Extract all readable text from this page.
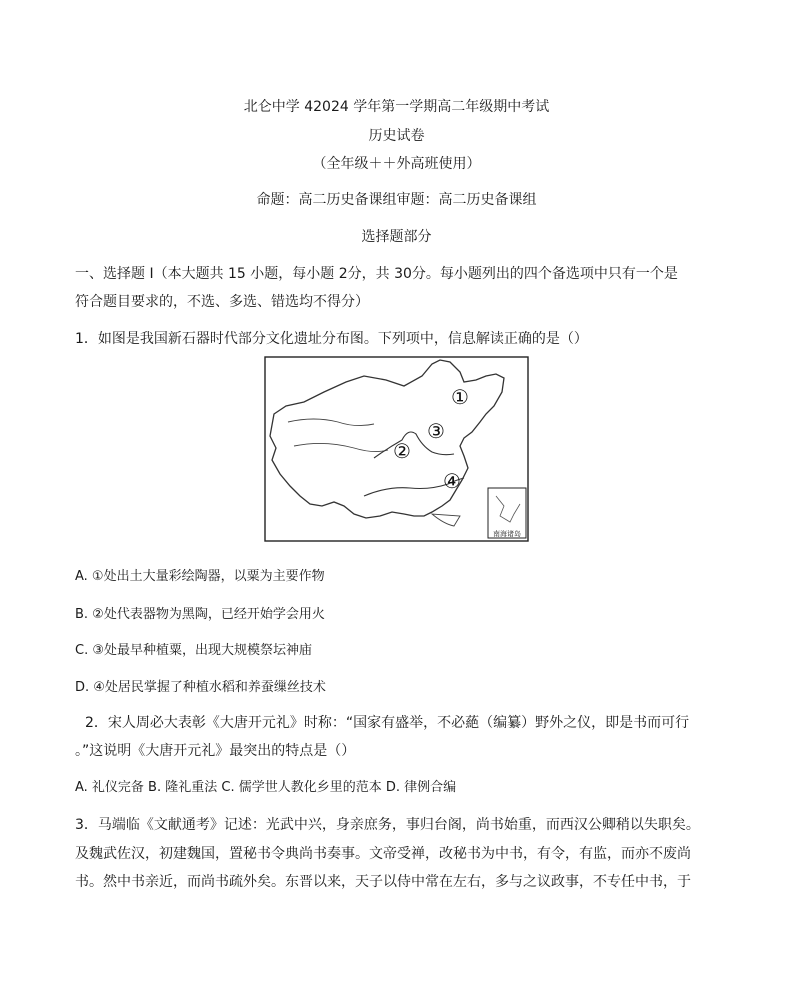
北仑中学 42024 学年第一学期高二年级期中考试
历史试卷
（全年级＋＋外高班使用）
命题：高二历史备课组审题：高二历史备课组
选择题部分
一、选择题 I（本大题共 15 小题，每小题 2分，共 30分。每小题列出的四个备选项中只有一个是
符合题目要求的，不选、多选、错选均不得分）
1．如图是我国新石器时代部分文化遗址分布图。下列项中，信息解读正确的是（）
①
②
③
④
南海诸岛
A. ①处出土大量彩绘陶器，以粟为主要作物
B. ②处代表器物为黑陶，已经开始学会用火
C. ③处最早种植粟，出现大规模祭坛神庙
D. ④处居民掌握了种植水稻和养蚕缫丝技术
2．宋人周必大表彰《大唐开元礼》时称：“国家有盛举，不必蕝（编纂）野外之仪，即是书而可行
。”这说明《大唐开元礼》最突出的特点是（）
A. 礼仪完备 B. 隆礼重法 C. 儒学世人教化乡里的范本 D. 律例合编
3．马端临《文献通考》记述：光武中兴，身亲庶务，事归台阁，尚书始重，而西汉公卿稍以失职矣。
及魏武佐汉，初建魏国，置秘书令典尚书奏事。文帝受禅，改秘书为中书，有令，有监，而亦不废尚
书。然中书亲近，而尚书疏外矣。东晋以来，天子以侍中常在左右，多与之议政事，不专任中书，于
